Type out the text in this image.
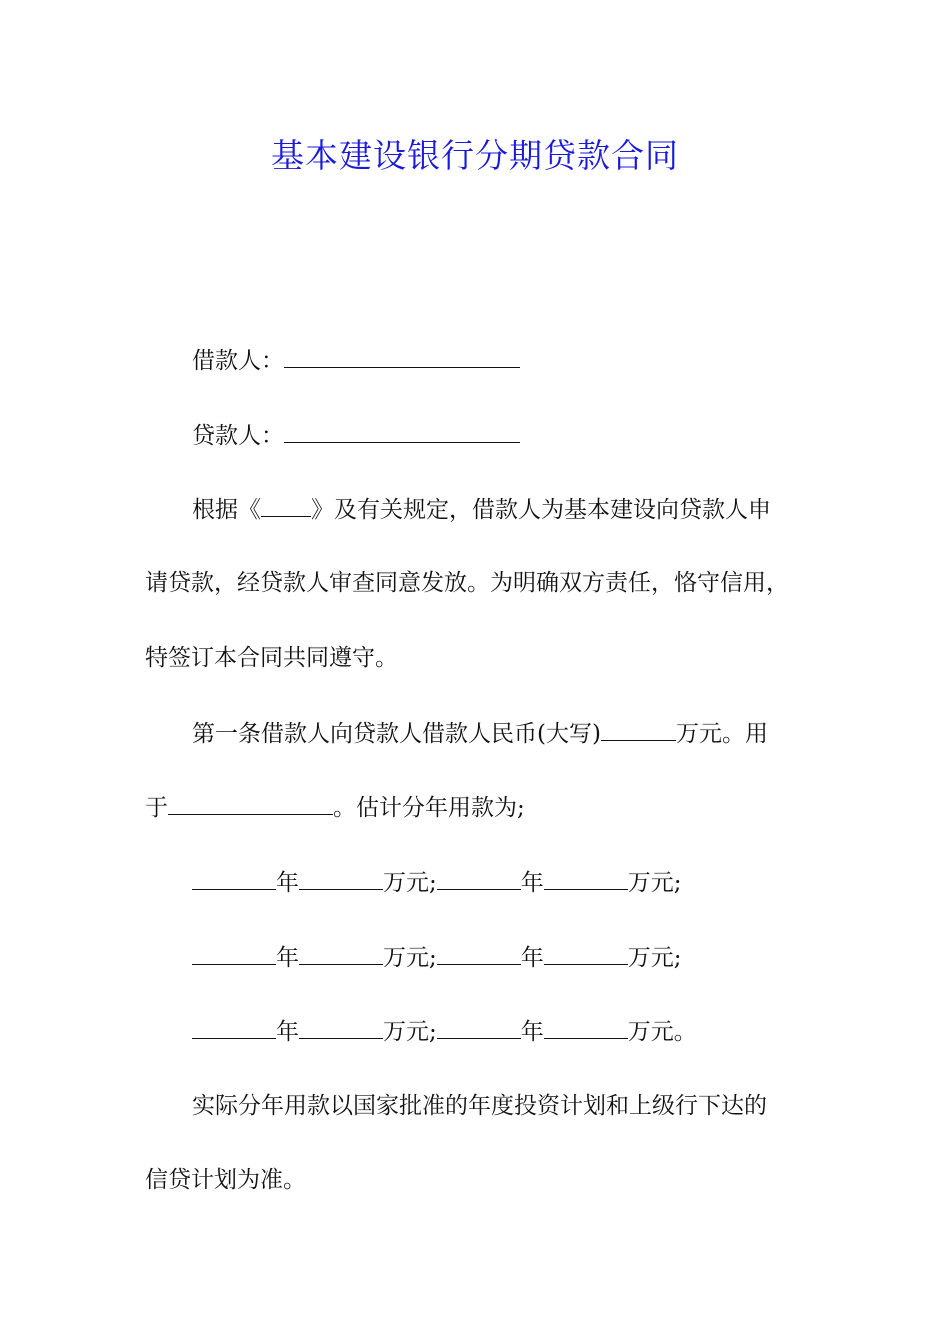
基本建设银行分期贷款合同
借款人：
贷款人：
根据《 》及有关规定，借款人为基本建设向贷款人申
请贷款，经贷款人审查同意发放。为明确双方责任，恪守信用，
特签订本合同共同遵守。
第一条借款人向贷款人借款人民币(大写)	万元。用
于	。估计分年用款为;
年	万元;	年	万元;
年	万元;	年	万元;
年	万元;	年	万元。
实际分年用款以国家批准的年度投资计划和上级行下达的
信贷计划为准。
